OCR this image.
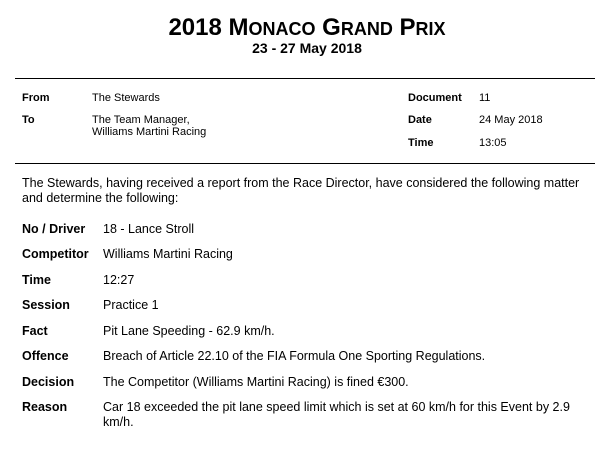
2018 MONACO GRAND PRIX
23 - 27 May 2018
From	The Stewards
To	The Team Manager,
Williams Martini Racing
Document 11
Date	24 May 2018
Time	13:05
The Stewards, having received a report from the Race Director, have considered the following matter and determine the following:
No / Driver 18 - Lance Stroll
Competitor Williams Martini Racing
Time	12:27
Session	Practice 1
Fact	Pit Lane Speeding - 62.9 km/h.
Offence	Breach of Article 22.10 of the FIA Formula One Sporting Regulations.
Decision The Competitor (Williams Martini Racing) is fined €300.
Reason	Car 18 exceeded the pit lane speed limit which is set at 60 km/h for this Event by 2.9 km/h.
